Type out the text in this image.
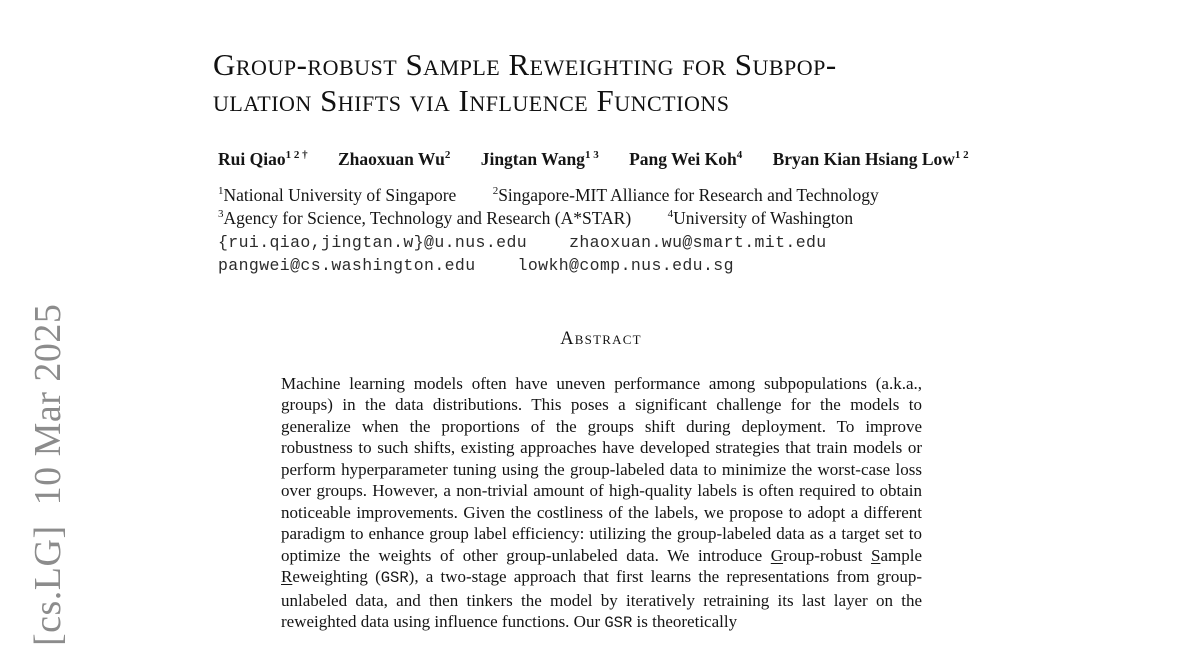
[cs.LG]  10 Mar 2025
Group-robust Sample Reweighting for Subpop-
ulation Shifts via Influence Functions
Rui Qiao$^{1 2 \dagger}$ Zhaoxuan Wu$^2$ Jingtan Wang$^{1 3}$ Pang Wei Koh$^4$ Bryan Kian Hsiang Low$^{1 2}$
$^1$National University of Singapore	$^2$Singapore-MIT Alliance for Research and Technology
$^3$Agency for Science, Technology and Research (A*STAR)	$^4$University of Washington
{rui.qiao,jingtan.w}@u.nus.edu	zhaoxuan.wu@smart.mit.edu
pangwei@cs.washington.edu	lowkh@comp.nus.edu.sg
Abstract

Machine learning models often have uneven performance among subpopulations (a.k.a., groups) in the data distributions. This poses a significant challenge for the models to generalize when the proportions of the groups shift during deployment. To improve robustness to such shifts, existing approaches have developed strategies that train models or perform hyperparameter tuning using the group-labeled data to minimize the worst-case loss over groups. However, a non-trivial amount of high-quality labels is often required to obtain noticeable improvements. Given the costliness of the labels, we propose to adopt a different paradigm to enhance group label efficiency: utilizing the group-labeled data as a target set to optimize the weights of other group-unlabeled data. We introduce Group-robust Sample Reweighting (GSR), a two-stage approach that first learns the representations from group-unlabeled data, and then tinkers the model by iteratively retraining its last layer on the reweighted data using influence functions. Our GSR is theoretically
